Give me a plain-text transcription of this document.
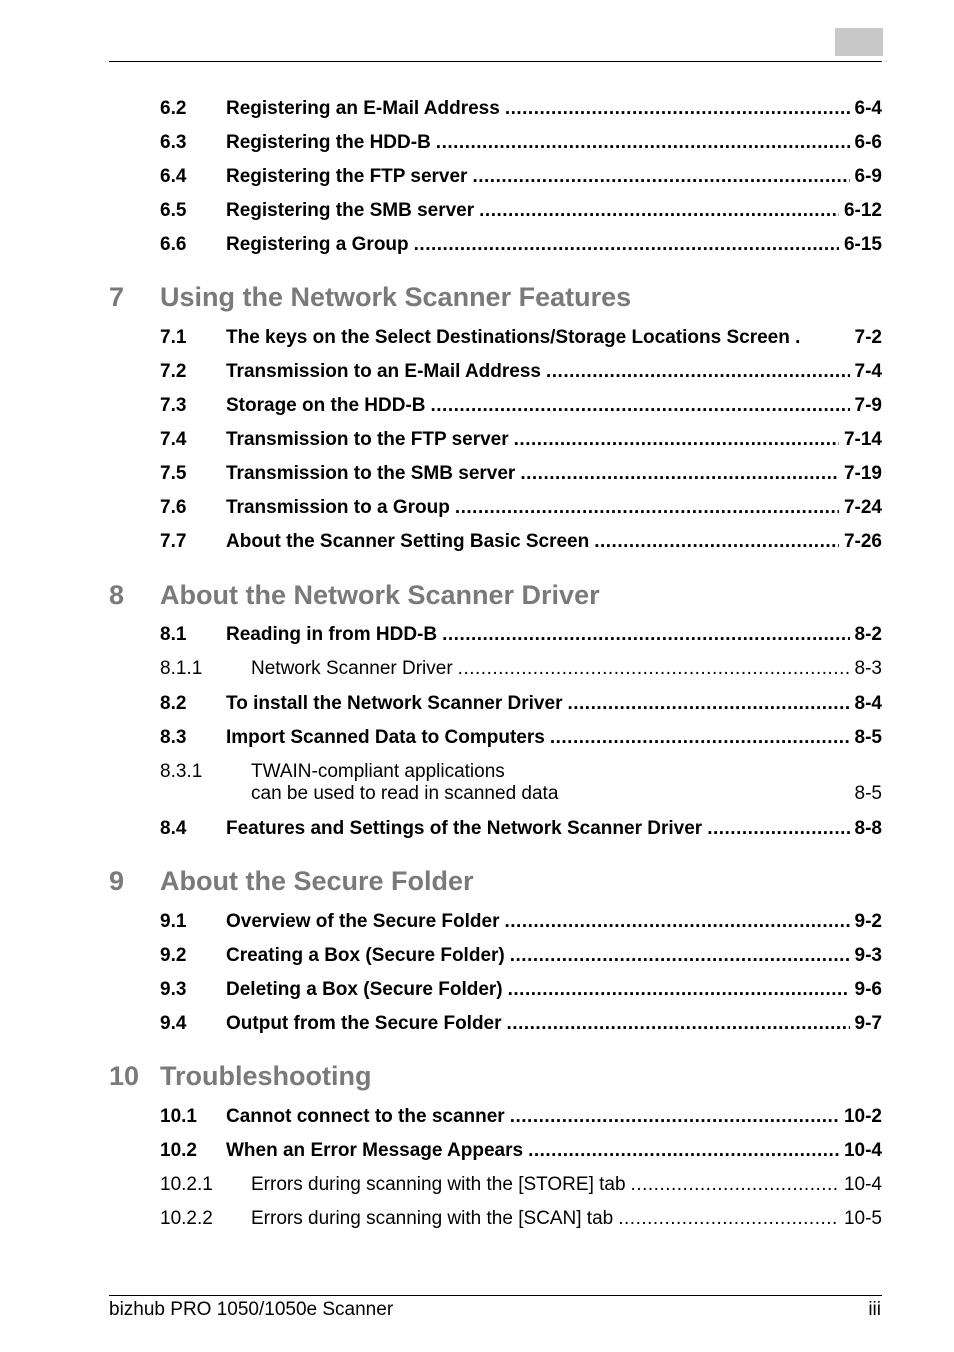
6.2	Registering an E-Mail Address .....	6-4
6.3	Registering the HDD-B .....	6-6
6.4	Registering the FTP server .....	6-9
6.5	Registering the SMB server .....	6-12
6.6	Registering a Group .....	6-15
7	Using the Network Scanner Features
7.1	The keys on the Select Destinations/Storage Locations Screen .	7-2
7.2	Transmission to an E-Mail Address .....	7-4
7.3	Storage on the HDD-B .....	7-9
7.4	Transmission to the FTP server .....	7-14
7.5	Transmission to the SMB server .....	7-19
7.6	Transmission to a Group .....	7-24
7.7	About the Scanner Setting Basic Screen .....	7-26
8	About the Network Scanner Driver
8.1	Reading in from HDD-B .....	8-2
8.1.1	Network Scanner Driver .....	8-3
8.2	To install the Network Scanner Driver .....	8-4
8.3	Import Scanned Data to Computers .....	8-5
8.3.1	TWAIN-compliant applications
can be used to read in scanned data	8-5
8.4	Features and Settings of the Network Scanner Driver .....	8-8
9	About the Secure Folder
9.1	Overview of the Secure Folder .....	9-2
9.2	Creating a Box (Secure Folder) .....	9-3
9.3	Deleting a Box (Secure Folder) .....	9-6
9.4	Output from the Secure Folder .....	9-7
10 Troubleshooting
10.1	Cannot connect to the scanner .....	10-2
10.2	When an Error Message Appears .....	10-4
10.2.1	Errors during scanning with the [STORE] tab .....	10-4
10.2.2	Errors during scanning with the [SCAN] tab .....	10-5
bizhub PRO 1050/1050e Scanner	iii
